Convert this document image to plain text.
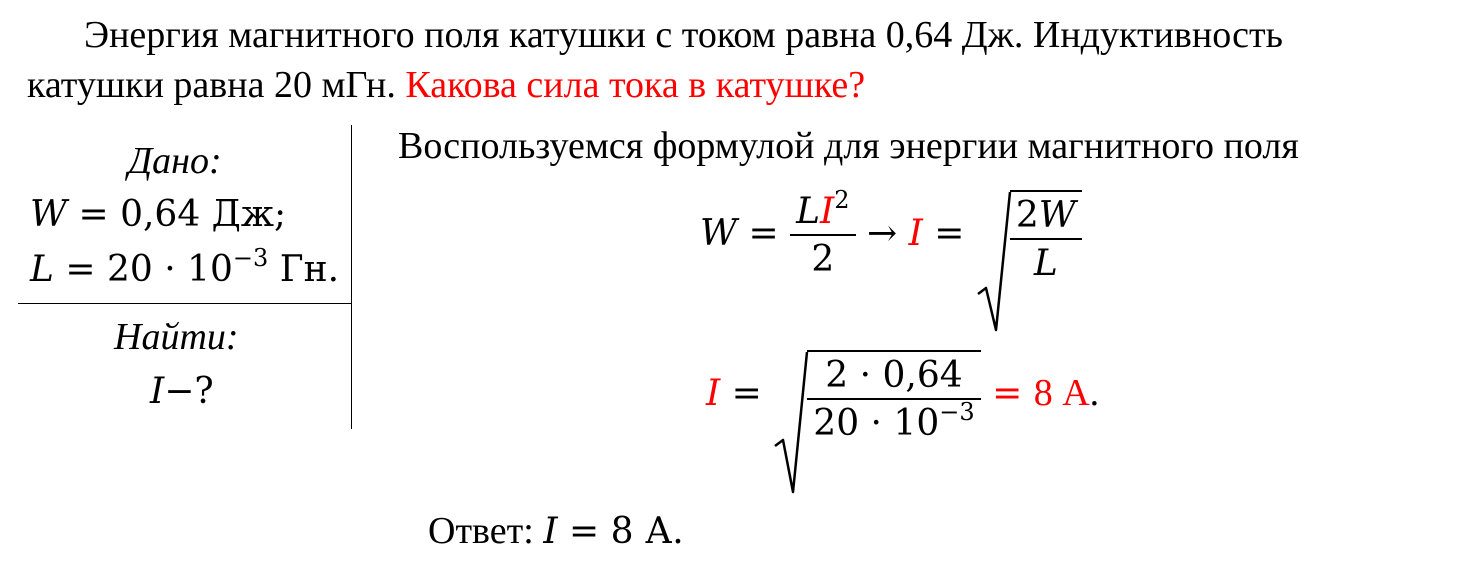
Энергия магнитного поля катушки с током равна 0,64 Дж. Индуктивность
катушки равна 20 мГн. Какова сила тока в катушке?
Дано:
W = 0,64 Дж;
$L = 20 \cdot 10^{-3}$ Гн.
Найти:
I−?
Воспользуемся формулой для энергии магнитного поля
$W = \frac{LI^2}{2} \to I = \frac{2W}{L}$
$I = \frac{2 \cdot 0,64}{20 \cdot 10^{-3}} = 8$ А.
Ответ: I = 8 А.
